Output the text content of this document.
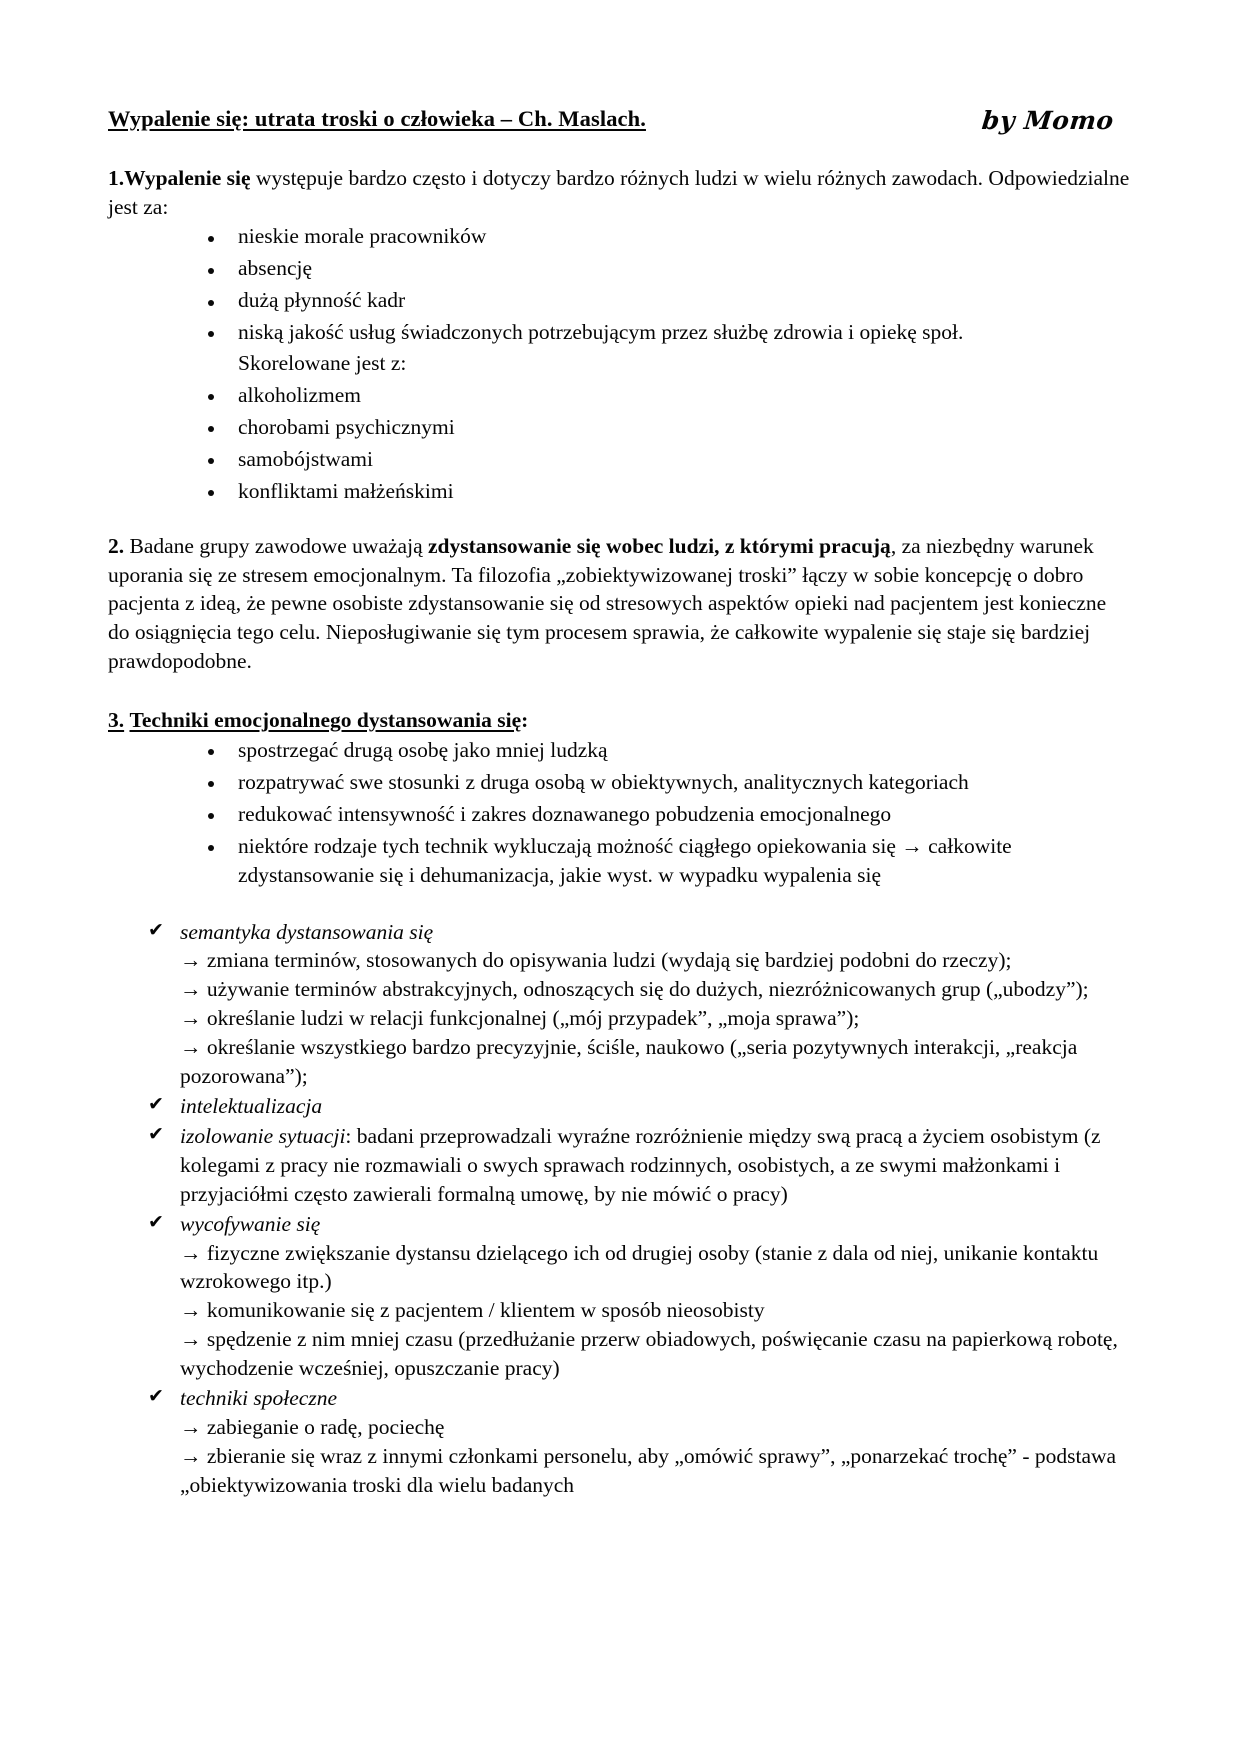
Wypalenie się: utrata troski o człowieka – Ch. Maslach.	by Momo
1.Wypalenie się występuje bardzo często i dotyczy bardzo różnych ludzi w wielu różnych zawodach. Odpowiedzialne jest za:
nieskie morale pracowników
absencję
dużą płynność kadr
niską jakość usług świadczonych potrzebującym przez służbę zdrowia i opiekę społ.
Skorelowane jest z:
alkoholizmem
chorobami psychicznymi
samobójstwami
konfliktami małżeńskimi
2. Badane grupy zawodowe uważają zdystansowanie się wobec ludzi, z którymi pracują, za niezbędny warunek uporania się ze stresem emocjonalnym. Ta filozofia „zobiektywizowanej troski” łączy w sobie koncepcję o dobro pacjenta z ideą, że pewne osobiste zdystansowanie się od stresowych aspektów opieki nad pacjentem jest konieczne do osiągnięcia tego celu. Nieposługiwanie się tym procesem sprawia, że całkowite wypalenie się staje się bardziej prawdopodobne.
3. Techniki emocjonalnego dystansowania się:
spostrzegać drugą osobę jako mniej ludzką
rozpatrywać swe stosunki z druga osobą w obiektywnych, analitycznych kategoriach
redukować intensywność i zakres doznawanego pobudzenia emocjonalnego
niektóre rodzaje tych technik wykluczają możność ciągłego opiekowania się → całkowite zdystansowanie się i dehumanizacja, jakie wyst. w wypadku wypalenia się
✔ semantyka dystansowania się
→ zmiana terminów, stosowanych do opisywania ludzi (wydają się bardziej podobni do rzeczy);
→ używanie terminów abstrakcyjnych, odnoszących się do dużych, niezróżnicowanych grup („ubodzy”);
→ określanie ludzi w relacji funkcjonalnej („mój przypadek”, „moja sprawa”);
→ określanie wszystkiego bardzo precyzyjnie, ściśle, naukowo („seria pozytywnych interakcji, „reakcja pozorowana”);
✔ intelektualizacja
✔ izolowanie sytuacji: badani przeprowadzali wyraźne rozróżnienie między swą pracą a życiem osobistym (z kolegami z pracy nie rozmawiali o swych sprawach rodzinnych, osobistych, a ze swymi małżonkami i przyjaciółmi często zawierali formalną umowę, by nie mówić o pracy)
✔ wycofywanie się
→ fizyczne zwiększanie dystansu dzielącego ich od drugiej osoby (stanie z dala od niej, unikanie kontaktu wzrokowego itp.)
→ komunikowanie się z pacjentem / klientem w sposób nieosobisty
→ spędzenie z nim mniej czasu (przedłużanie przerw obiadowych, poświęcanie czasu na papierkową robotę, wychodzenie wcześniej, opuszczanie pracy)
✔ techniki społeczne
→ zabieganie o radę, pociechę
→ zbieranie się wraz z innymi członkami personelu, aby „omówić sprawy”, „ponarzekać trochę” - podstawa „obiektywizowania troski dla wielu badanych
